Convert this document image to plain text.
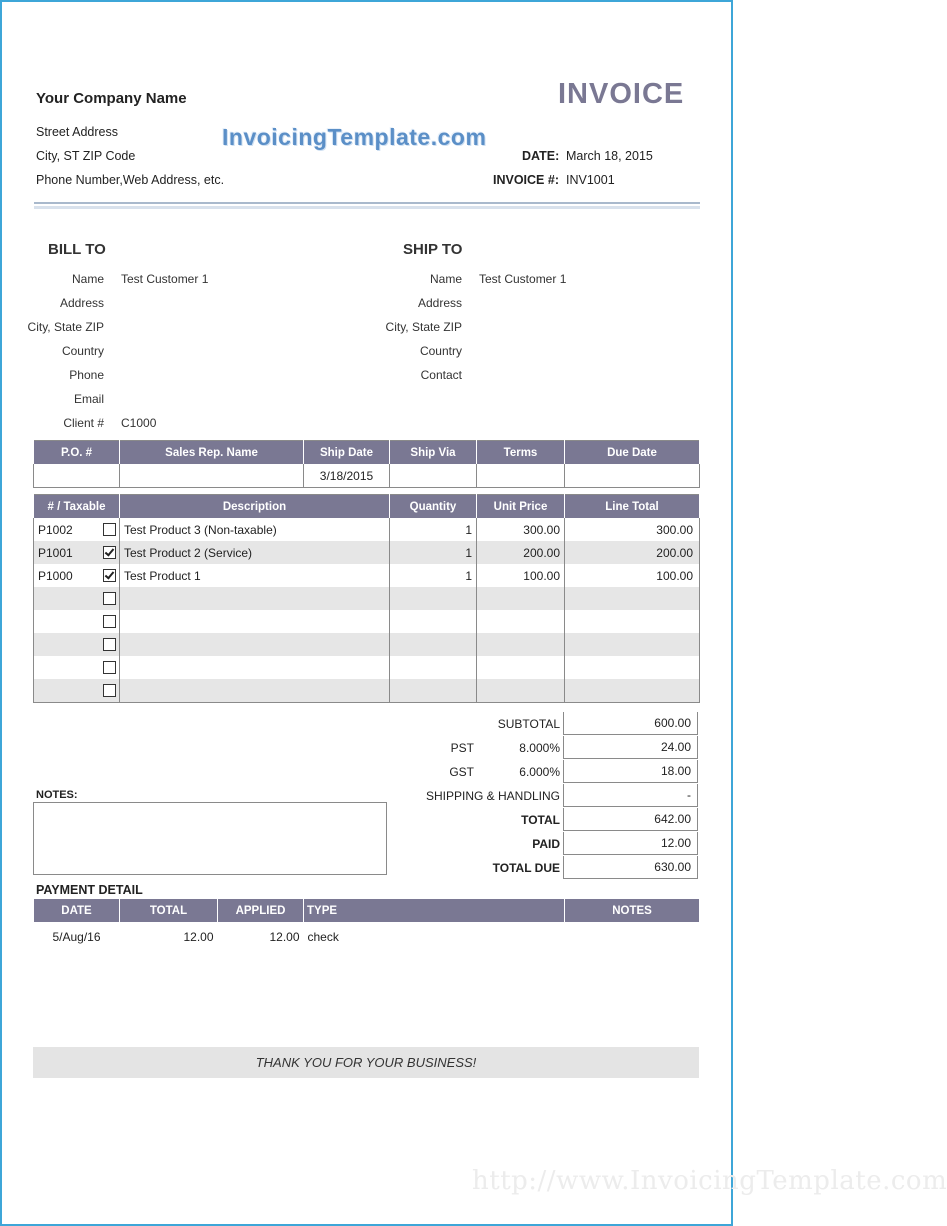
Your Company Name
Street Address
City, ST ZIP Code
Phone Number,Web Address, etc.
INVOICE
InvoicingTemplate.com
DATE: March 18, 2015
INVOICE #: INV1001
BILL TO	SHIP TO
Name Test Customer 1
Address
City, State ZIP
Country
Phone
Email
Client # C1000
Name Test Customer 1
Address
City, State ZIP
Country
Contact
P.O. #	Sales Rep. Name	Ship Date	Ship Via	Terms	Due Date
		3/18/2015			
# / Taxable	Description	Quantity	Unit Price	Line Total
P1002	Test Product 3 (Non-taxable)	1	300.00	300.00
P1001	Test Product 2 (Service)	1	200.00	200.00
P1000	Test Product 1	1	100.00	100.00

SUBTOTAL	600.00
PST	8.000%	24.00
GST	6.000%	18.00
SHIPPING & HANDLING	-
TOTAL	642.00
PAID	12.00
TOTAL DUE	630.00
NOTES:
PAYMENT DETAIL
DATE	TOTAL	APPLIED	TYPE	NOTES
5/Aug/16	12.00	12.00	check	
THANK YOU FOR YOUR BUSINESS!
http://www.InvoicingTemplate.com
